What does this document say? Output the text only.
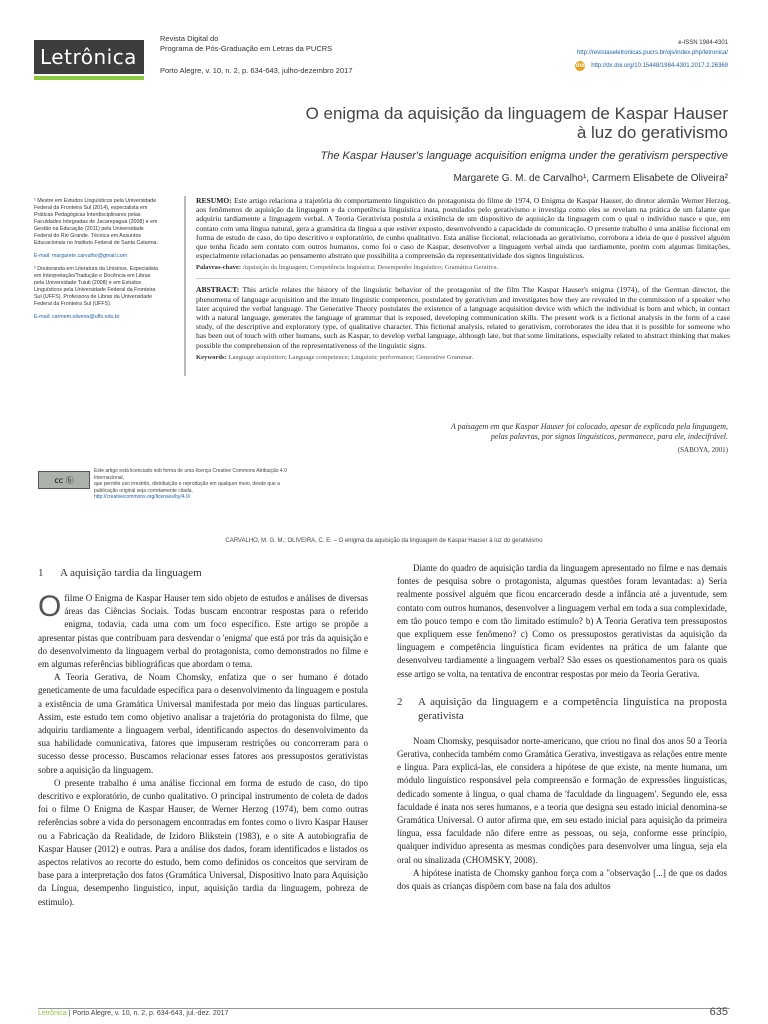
Letrônica
Revista Digital do
Programa de Pós-Graduação em Letras da PUCRS
Porto Alegre, v. 10, n. 2, p. 634-643, julho-dezembro 2017
e-ISSN 1984-4301
http://revistaseletronicas.pucrs.br/ojs/index.php/letronica/
doi http://dx.doi.org/10.15448/1984-4301.2017.2.26369
O enigma da aquisição da linguagem de Kaspar Hauser
à luz do gerativismo
The Kaspar Hauser's language acquisition enigma under the gerativism perspective
Margarete G. M. de Carvalho¹, Carmem Elisabete de Oliveira²

¹ Mestre em Estudos Linguísticos pela Universidade Federal da Fronteira Sul (2014), especialista em Práticas Pedagógicas Interdisciplinares pelas Faculdades Integradas de Jacarepaguá (2008) e em Gestão na Educação (2011) pela Universidade Federal do Rio Grande. Técnica em Assuntos Educacionais no Instituto Federal de Santa Catarina.

E-mail: margarete.carvalho@gmail.com

² Doutoranda em Literatura da Unisinos. Especialista em Interpretação/Tradução e Docência em Libras pela Universidade Tuiuti (2008) e em Estudos Linguísticos pela Universidade Federal da Fronteira Sul (UFFS). Professora de Libras da Universidade Federal da Fronteira Sul (UFFS).

E-mail: carmem.oliveira@uffs.edu.br

RESUMO: Este artigo relaciona a trajetória do comportamento linguístico do protagonista do filme de 1974, O Enigma de Kaspar Hauser, do diretor alemão Werner Herzog, aos fenômenos de aquisição da linguagem e da competência linguística inata, postulados pelo gerativismo e investiga como eles se revelam na prática de um falante que adquiriu tardiamente a linguagem verbal. A Teoria Gerativista postula a existência de um dispositivo de aquisição da linguagem com o qual o indivíduo nasce e que, em contato com uma língua natural, gera a gramática da língua a que estiver exposto, desenvolvendo a capacidade de comunicação. O presente trabalho é uma análise ficcional em forma de estudo de caso, do tipo descritivo e exploratório, de cunho qualitativo. Esta análise ficcional, relacionada ao gerativismo, corrobora a ideia de que é possível alguém que tenha ficado sem contato com outros humanos, como foi o caso de Kaspar, desenvolver a linguagem verbal ainda que tardiamente, porém com algumas limitações, especialmente relacionadas ao pensamento abstrato que possibilita a compreensão da representatividade dos signos linguísticos.

Palavras-chave: Aquisição da linguagem; Competência linguística; Desempenho linguístico; Gramática Gerativa.

ABSTRACT: This article relates the history of the linguistic behavior of the protagonist of the film The Kaspar Hauser's enigma (1974), of the German director, the phenomena of language acquisition and the innate linguistic competence, postulated by gerativism and investigates how they are revealed in the commission of a speaker who later acquired the verbal language. The Generative Theory postulates the existence of a language acquisition device with which the individual is born and which, in contact with a natural language, generates the language of grammar that is exposed, developing communication skills. The present work is a fictional analysis in the form of a case study, of the descriptive and exploratory type, of qualitative character. This fictional analysis, related to gerativism, corroborates the idea that it is possible for someone who has been out of touch with other humans, such as Kaspar, to develop verbal language, although late, but that some limitations, especially related to abstract thinking that makes possible the comprehension of the representativeness of the linguistic signs.

Keywords: Language acquisition; Language competence; Linguistic performance; Generative Grammar.

A paisagem em que Kaspar Hauser foi colocado, apesar de explicada pela linguagem,
pelas palavras, por signos linguísticos, permanece, para ele, indecifrável.
(SABOYA, 2001)
cc ⓑ
Este artigo está licenciado sob forma de uma licença Creative Commons Atribuição 4.0 Internacional,
que permite uso irrestrito, distribuição e reprodução em qualquer meio, desde que a publicação original seja corretamente citada.
http://creativecommons.org/licenses/by/4.0/
CARVALHO, M. G. M.; OLIVEIRA, C. E. – O enigma da aquisição da linguagem de Kaspar Hauser à luz do gerativismo
1	A aquisição tardia da linguagem

Ofilme O Enigma de Kaspar Hauser tem sido objeto de estudos e análises de diversas áreas das Ciências Sociais. Todas buscam encontrar respostas para o referido enigma, todavia, cada uma com um foco específico. Este artigo se propõe a apresentar pistas que contribuam para desvendar o 'enigma' que está por trás da aquisição e do desenvolvimento da linguagem verbal do protagonista, como demonstrados no filme e em algumas referências bibliográficas que abordam o tema.

A Teoria Gerativa, de Noam Chomsky, enfatiza que o ser humano é dotado geneticamente de uma faculdade específica para o desenvolvimento da linguagem e postula a existência de uma Gramática Universal manifestada por meio das línguas particulares. Assim, este estudo tem como objetivo analisar a trajetória do protagonista do filme, que adquiriu tardiamente a linguagem verbal, identificando aspectos do desenvolvimento da sua habilidade comunicativa, fatores que impuseram restrições ou concorreram para o sucesso desse processo. Buscamos relacionar esses fatores aos pressupostos gerativistas sobre a aquisição da linguagem.

O presente trabalho é uma análise ficcional em forma de estudo de caso, do tipo descritivo e exploratório, de cunho qualitativo. O principal instrumento de coleta de dados foi o filme O Enigma de Kaspar Hauser, de Werner Herzog (1974), bem como outras referências sobre a vida do personagem encontradas em fontes como o livro Kaspar Hauser ou a Fabricação da Realidade, de Izidoro Blikstein (1983), e o site A autobiografia de Kaspar Hauser (2012) e outras. Para a análise dos dados, foram identificados e listados os aspectos relativos ao recorte do estudo, bem como definidos os conceitos que serviram de base para a interpretação dos fatos (Gramática Universal, Dispositivo Inato para Aquisição da Língua, desempenho linguístico, input, aquisição tardia da linguagem, pobreza de estímulo).

Diante do quadro de aquisição tardia da linguagem apresentado no filme e nas demais fontes de pesquisa sobre o protagonista, algumas questões foram levantadas: a) Seria realmente possível alguém que ficou encarcerado desde a infância até a juventude, sem contato com outros humanos, desenvolver a linguagem verbal em toda a sua complexidade, em tão pouco tempo e com tão limitado estímulo? b) A Teoria Gerativa tem pressupostos que expliquem esse fenômeno? c) Como os pressupostos gerativistas da aquisição da linguagem e competência linguística ficam evidentes na prática de um falante que desenvolveu tardiamente a linguagem verbal? São esses os questionamentos para os quais esse artigo se volta, na tentativa de encontrar respostas por meio da Teoria Gerativa.

2	A aquisição da linguagem e a competência linguística na proposta gerativista

Noam Chomsky, pesquisador norte-americano, que criou no final dos anos 50 a Teoria Gerativa, conhecida também como Gramática Gerativa, investigava as relações entre mente e língua. Para explicá-las, ele considera a hipótese de que existe, na mente humana, um módulo linguístico responsável pela compreensão e formação de expressões linguísticas, dedicado somente à língua, o qual chama de 'faculdade da linguagem'. Segundo ele, essa faculdade é inata nos seres humanos, e a teoria que designa seu estado inicial denomina-se Gramática Universal. O autor afirma que, em seu estado inicial para aquisição da primeira língua, essa faculdade não difere entre as pessoas, ou seja, conforme esse princípio, qualquer indivíduo apresenta as mesmas condições para desenvolver uma língua, seja ela oral ou sinalizada (CHOMSKY, 2008).

A hipótese inatista de Chomsky ganhou força com a "observação [...] de que os dados dos quais as crianças dispõem com base na fala dos adultos

Letrônica | Porto Alegre, v. 10, n. 2, p. 634-643, jul.-dez. 2017	635
